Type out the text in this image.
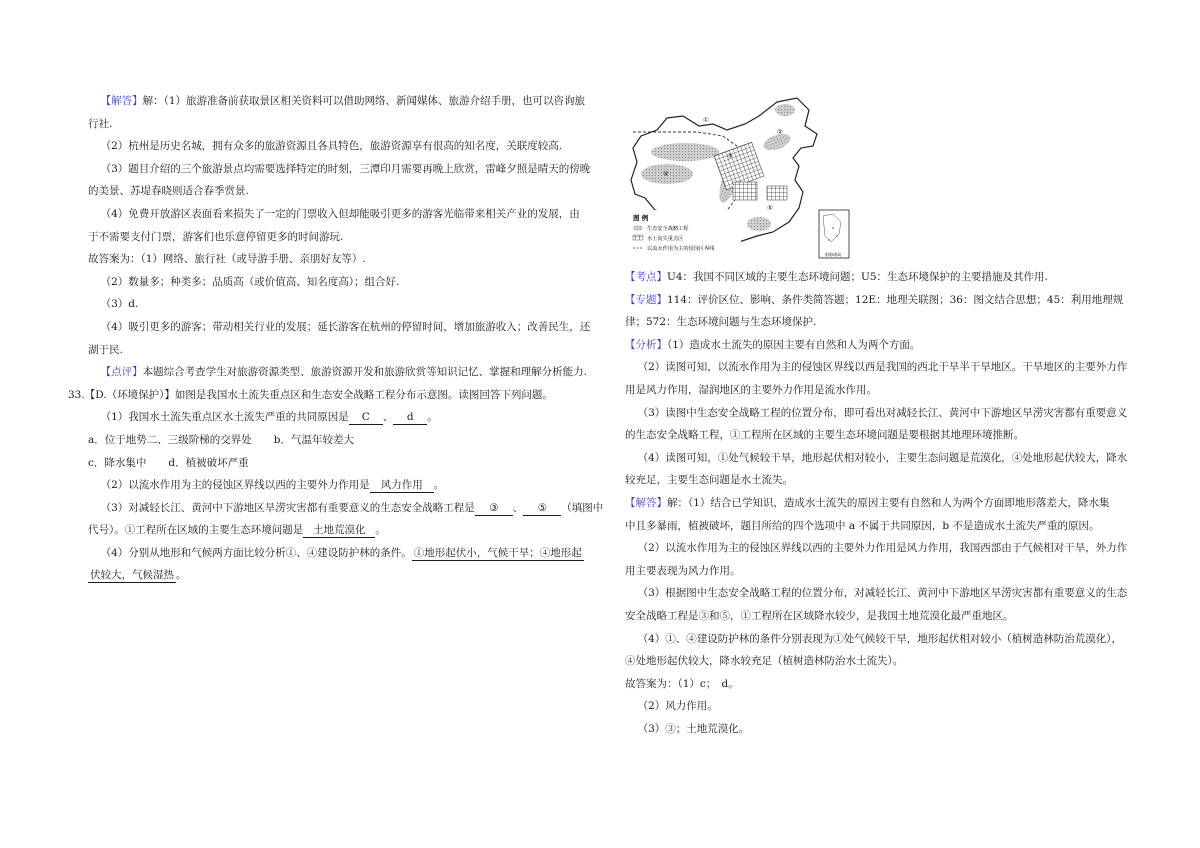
【解答】解：（1）旅游准备前获取景区相关资料可以借助网络、新闻媒体、旅游介绍手册，也可以咨询旅
行社.
（2）杭州是历史名城，拥有众多的旅游资源且各具特色，旅游资源享有很高的知名度，关联度较高.
（3）题目介绍的三个旅游景点均需要选择特定的时刻，三潭印月需要再晚上欣赏，雷峰夕照是晴天的傍晚
的美景、苏堤春晓则适合春季赏景.
（4）免费开放游区表面看来损失了一定的门票收入但却能吸引更多的游客光临带来相关产业的发展，由
于不需要支付门票，游客们也乐意停留更多的时间游玩.
故答案为：（1）网络、旅行社（或导游手册、亲朋好友等）.
（2）数量多；种类多；品质高（或价值高、知名度高）；组合好.
（3）d.
（4）吸引更多的游客；带动相关行业的发展；延长游客在杭州的停留时间，增加旅游收入；改善民生，还
湖于民.
【点评】本题综合考查学生对旅游资源类型、旅游资源开发和旅游欣赏等知识记忆、掌握和理解分析能力.
33.【D.（环境保护）】如图是我国水土流失重点区和生态安全战略工程分布示意图。读图回答下列问题。
（1）我国水土流失重点区水土流失严重的共同原因是 C 、 d 。
a．位于地势二、三级阶梯的交界处 b．气温年较差大
c．降水集中 d．植被破坏严重
（2）以流水作用为主的侵蚀区界线以西的主要外力作用是 风力作用 。
（3）对减轻长江、黄河中下游地区旱涝灾害都有重要意义的生态安全战略工程是 ③ 、 ⑤ （填图中
代号）。①工程所在区域的主要生态环境问题是 土地荒漠化 。
（4）分别从地形和气候两方面比较分析①、④建设防护林的条件。 ①地形起伏小，气候干旱；④地形起
伏较大，气候湿热 。
①
②
③
④
⑤
图 例
生态安全战略工程
水土流失重点区
以流水作用为主的侵蚀区界线
南海诸岛
【考点】U4：我国不同区域的主要生态环境问题；U5：生态环境保护的主要措施及其作用.
【专题】114：评价区位、影响、条件类简答题；12E：地理关联图；36：图文结合思想；45：利用地理规
律；572：生态环境问题与生态环境保护.
【分析】（1）造成水土流失的原因主要有自然和人为两个方面。
（2）读图可知，以流水作用为主的侵蚀区界线以西是我国的西北干旱半干旱地区。干旱地区的主要外力作
用是风力作用，湿润地区的主要外力作用是流水作用。
（3）读图中生态安全战略工程的位置分布，即可看出对减轻长江、黄河中下游地区旱涝灾害都有重要意义
的生态安全战略工程，①工程所在区域的主要生态环境问题是要根据其地理环境推断。
（4）读图可知，①处气候较干旱，地形起伏相对较小，主要生态问题是荒漠化，④处地形起伏较大，降水
较充足，主要生态问题是水土流失。
【解答】解：（1）结合已学知识，造成水土流失的原因主要有自然和人为两个方面即地形落差大，降水集
中且多暴雨，植被破坏，题目所给的四个选项中 a 不属于共同原因，b 不是造成水土流失严重的原因。
（2）以流水作用为主的侵蚀区界线以西的主要外力作用是风力作用，我国西部由于气候相对干旱，外力作
用主要表现为风力作用。
（3）根据图中生态安全战略工程的位置分布，对减轻长江、黄河中下游地区旱涝灾害都有重要意义的生态
安全战略工程是③和⑤，①工程所在区域降水较少，是我国土地荒漠化最严重地区。
（4）①、④建设防护林的条件分别表现为①处气候较干旱，地形起伏相对较小（植树造林防治荒漠化），
④处地形起伏较大，降水较充足（植树造林防治水土流失）。
故答案为：（1）c；　d。
（2）风力作用。
（3）③；土地荒漠化。
